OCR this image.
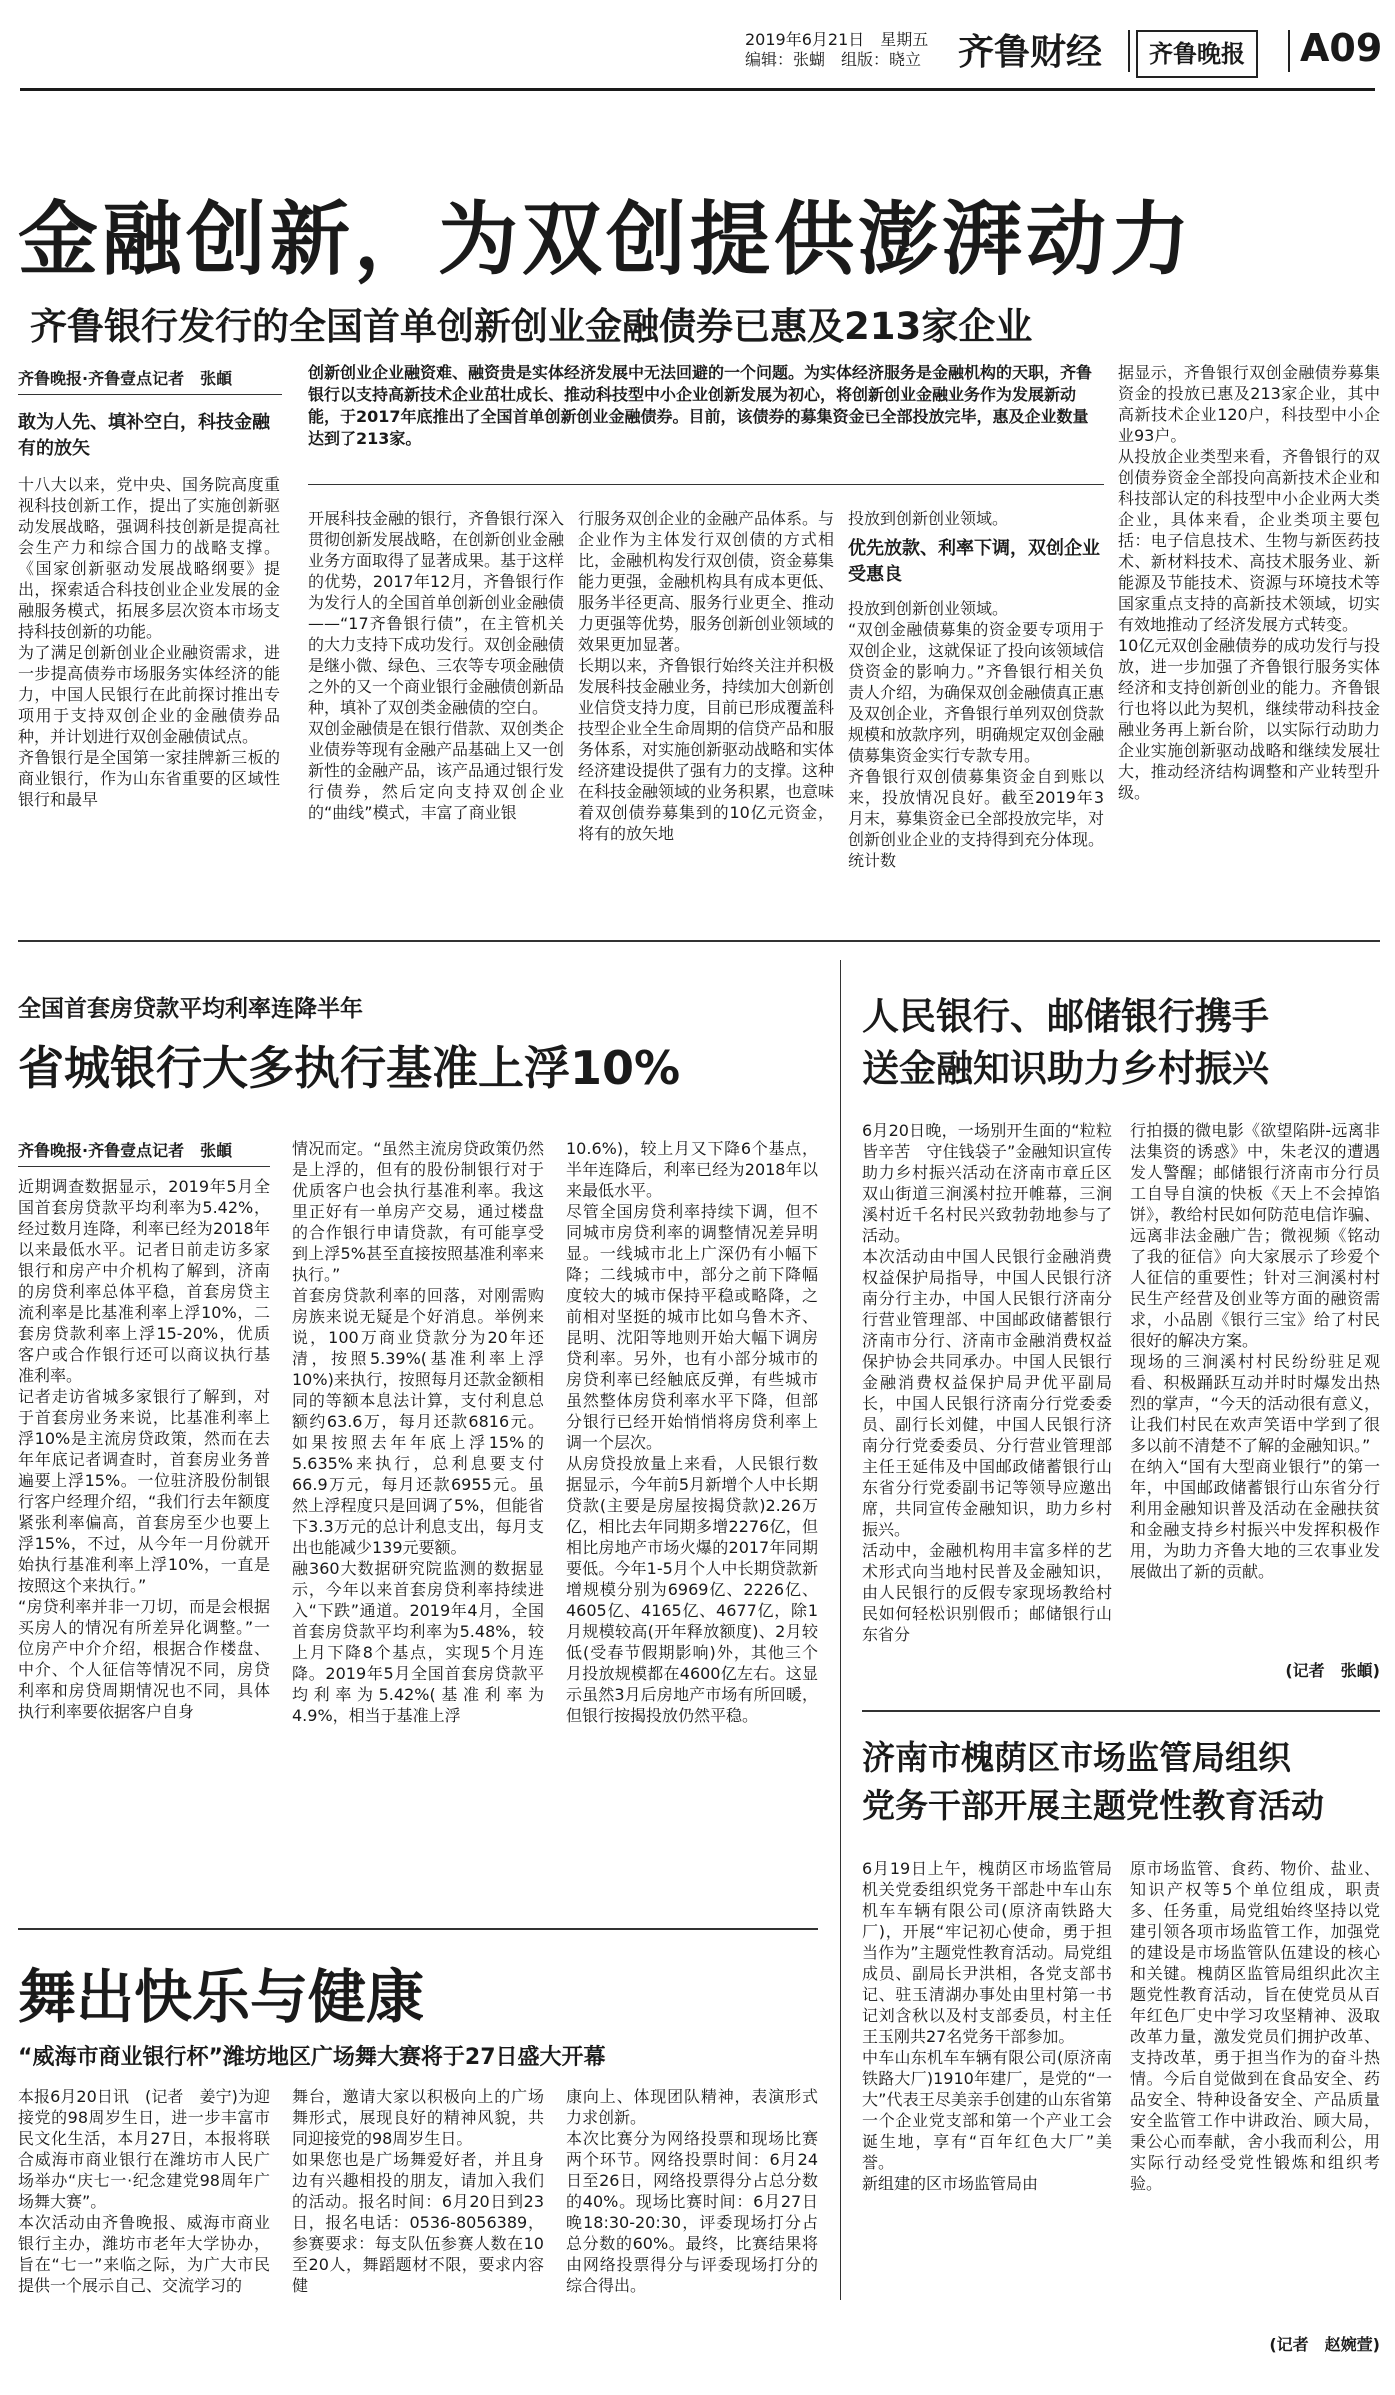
2019年6月21日　星期五
编辑：张蝴　组版：晓立	齐鲁财经	齐鲁晚报	A09
金融创新，为双创提供澎湃动力
齐鲁银行发行的全国首单创新创业金融债券已惠及213家企业
齐鲁晚报·齐鲁壹点记者　张頔
敢为人先、填补空白，科技金融有的放矢
十八大以来，党中央、国务院高度重视科技创新工作，提出了实施创新驱动发展战略，强调科技创新是提高社会生产力和综合国力的战略支撑。《国家创新驱动发展战略纲要》提出，探索适合科技创业企业发展的金融服务模式，拓展多层次资本市场支持科技创新的功能。
为了满足创新创业企业融资需求，进一步提高债券市场服务实体经济的能力，中国人民银行在此前探讨推出专项用于支持双创企业的金融债券品种，并计划进行双创金融债试点。
齐鲁银行是全国第一家挂牌新三板的商业银行，作为山东省重要的区域性银行和最早
创新创业企业融资难、融资贵是实体经济发展中无法回避的一个问题。为实体经济服务是金融机构的天职，齐鲁银行以支持高新技术企业茁壮成长、推动科技型中小企业创新发展为初心，将创新创业金融业务作为发展新动能，于2017年底推出了全国首单创新创业金融债券。目前，该债券的募集资金已全部投放完毕，惠及企业数量达到了213家。
开展科技金融的银行，齐鲁银行深入贯彻创新发展战略，在创新创业金融业务方面取得了显著成果。基于这样的优势，2017年12月，齐鲁银行作为发行人的全国首单创新创业金融债——“17齐鲁银行债”，在主管机关的大力支持下成功发行。双创金融债是继小微、绿色、三农等专项金融债之外的又一个商业银行金融债创新品种，填补了双创类金融债的空白。
双创金融债是在银行借款、双创类企业债券等现有金融产品基础上又一创新性的金融产品，该产品通过银行发行债券，然后定向支持双创企业的“曲线”模式，丰富了商业银
行服务双创企业的金融产品体系。与企业作为主体发行双创债的方式相比，金融机构发行双创债，资金募集能力更强，金融机构具有成本更低、服务半径更高、服务行业更全、推动力更强等优势，服务创新创业领域的效果更加显著。
长期以来，齐鲁银行始终关注并积极发展科技金融业务，持续加大创新创业信贷支持力度，目前已形成覆盖科技型企业全生命周期的信贷产品和服务体系，对实施创新驱动战略和实体经济建设提供了强有力的支撑。这种在科技金融领域的业务积累，也意味着双创债券募集到的10亿元资金，将有的放矢地
投放到创新创业领域。

优先放款、利率下调，双创企业受惠良
投放到创新创业领域。
“双创金融债募集的资金要专项用于双创企业，这就保证了投向该领域信贷资金的影响力。”齐鲁银行相关负责人介绍，为确保双创金融债真正惠及双创企业，齐鲁银行单列双创贷款规模和放款序列，明确规定双创金融债募集资金实行专款专用。
齐鲁银行双创债募集资金自到账以来，投放情况良好。截至2019年3月末，募集资金已全部投放完毕，对创新创业企业的支持得到充分体现。统计数
据显示，齐鲁银行双创金融债券募集资金的投放已惠及213家企业，其中高新技术企业120户，科技型中小企业93户。
从投放企业类型来看，齐鲁银行的双创债券资金全部投向高新技术企业和科技部认定的科技型中小企业两大类企业，具体来看，企业类项主要包括：电子信息技术、生物与新医药技术、新材料技术、高技术服务业、新能源及节能技术、资源与环境技术等国家重点支持的高新技术领域，切实有效地推动了经济发展方式转变。
10亿元双创金融债券的成功发行与投放，进一步加强了齐鲁银行服务实体经济和支持创新创业的能力。齐鲁银行也将以此为契机，继续带动科技金融业务再上新台阶，以实际行动助力企业实施创新驱动战略和继续发展壮大，推动经济结构调整和产业转型升级。
全国首套房贷款平均利率连降半年
省城银行大多执行基准上浮10%
齐鲁晚报·齐鲁壹点记者　张頔
近期调查数据显示，2019年5月全国首套房贷款平均利率为5.42%，经过数月连降，利率已经为2018年以来最低水平。记者日前走访多家银行和房产中介机构了解到，济南的房贷利率总体平稳，首套房贷主流利率是比基准利率上浮10%，二套房贷款利率上浮15-20%，优质客户或合作银行还可以商议执行基准利率。
记者走访省城多家银行了解到，对于首套房业务来说，比基准利率上浮10%是主流房贷政策，然而在去年年底记者调查时，首套房业务普遍要上浮15%。一位驻济股份制银行客户经理介绍，“我们行去年额度紧张利率偏高，首套房至少也要上浮15%，不过，从今年一月份就开始执行基准利率上浮10%，一直是按照这个来执行。”
“房贷利率并非一刀切，而是会根据买房人的情况有所差异化调整。”一位房产中介介绍，根据合作楼盘、中介、个人征信等情况不同，房贷利率和房贷周期情况也不同，具体执行利率要依据客户自身
情况而定。“虽然主流房贷政策仍然是上浮的，但有的股份制银行对于优质客户也会执行基准利率。我这里正好有一单房产交易，通过楼盘的合作银行申请贷款，有可能享受到上浮5%甚至直接按照基准利率来执行。”
首套房贷款利率的回落，对刚需购房族来说无疑是个好消息。举例来说，100万商业贷款分为20年还清，按照5.39%(基准利率上浮10%)来执行，按照每月还款金额相同的等额本息法计算，支付利息总额约63.6万，每月还款6816元。如果按照去年年底上浮15%的5.635%来执行，总利息要支付66.9万元，每月还款6955元。虽然上浮程度只是回调了5%，但能省下3.3万元的总计利息支出，每月支出也能减少139元要额。
融360大数据研究院监测的数据显示，今年以来首套房贷利率持续进入“下跌”通道。2019年4月，全国首套房贷款平均利率为5.48%，较上月下降8个基点，实现5个月连降。2019年5月全国首套房贷款平均利率为5.42%(基准利率为4.9%，相当于基准上浮
10.6%)，较上月又下降6个基点，半年连降后，利率已经为2018年以来最低水平。
尽管全国房贷利率持续下调，但不同城市房贷利率的调整情况差异明显。一线城市北上广深仍有小幅下降；二线城市中，部分之前下降幅度较大的城市保持平稳或略降，之前相对坚挺的城市比如乌鲁木齐、昆明、沈阳等地则开始大幅下调房贷利率。另外，也有小部分城市的房贷利率已经触底反弹，有些城市虽然整体房贷利率水平下降，但部分银行已经开始悄悄将房贷利率上调一个层次。
从房贷投放量上来看，人民银行数据显示，今年前5月新增个人中长期贷款(主要是房屋按揭贷款)2.26万亿，相比去年同期多增2276亿，但相比房地产市场火爆的2017年同期要低。今年1-5月个人中长期贷款新增规模分别为6969亿、2226亿、4605亿、4165亿、4677亿，除1月规模较高(开年释放额度)、2月较低(受春节假期影响)外，其他三个月投放规模都在4600亿左右。这显示虽然3月后房地产市场有所回暖，但银行按揭投放仍然平稳。
人民银行、邮储银行携手
送金融知识助力乡村振兴
6月20日晚，一场别开生面的“粒粒皆辛苦　守住钱袋子”金融知识宣传助力乡村振兴活动在济南市章丘区双山街道三涧溪村拉开帷幕，三涧溪村近千名村民兴致勃勃地参与了活动。
本次活动由中国人民银行金融消费权益保护局指导，中国人民银行济南分行主办，中国人民银行济南分行营业管理部、中国邮政储蓄银行济南市分行、济南市金融消费权益保护协会共同承办。中国人民银行金融消费权益保护局尹优平副局长，中国人民银行济南分行党委委员、副行长刘健，中国人民银行济南分行党委委员、分行营业管理部主任王延伟及中国邮政储蓄银行山东省分行党委副书记等领导应邀出席，共同宣传金融知识，助力乡村振兴。
活动中，金融机构用丰富多样的艺术形式向当地村民普及金融知识，由人民银行的反假专家现场教给村民如何轻松识别假币；邮储银行山东省分
行拍摄的微电影《欲望陷阱-远离非法集资的诱惑》中，朱老汉的遭遇发人警醒；邮储银行济南市分行员工自导自演的快板《天上不会掉馅饼》，教给村民如何防范电信诈骗、远离非法金融广告；微视频《铭动了我的征信》向大家展示了珍爱个人征信的重要性；针对三涧溪村村民生产经营及创业等方面的融资需求，小品剧《银行三宝》给了村民很好的解决方案。
现场的三涧溪村村民纷纷驻足观看、积极踊跃互动并时时爆发出热烈的掌声，“今天的活动很有意义，让我们村民在欢声笑语中学到了很多以前不清楚不了解的金融知识。”
在纳入“国有大型商业银行”的第一年，中国邮政储蓄银行山东省分行利用金融知识普及活动在金融扶贫和金融支持乡村振兴中发挥积极作用，为助力齐鲁大地的三农事业发展做出了新的贡献。
(记者　张頔)
济南市槐荫区市场监管局组织
党务干部开展主题党性教育活动
6月19日上午，槐荫区市场监管局机关党委组织党务干部赴中车山东机车车辆有限公司(原济南铁路大厂)，开展“牢记初心使命，勇于担当作为”主题党性教育活动。局党组成员、副局长尹洪相，各党支部书记、驻玉清湖办事处由里村第一书记刘含秋以及村支部委员，村主任王玉刚共27名党务干部参加。
中车山东机车车辆有限公司(原济南铁路大厂)1910年建厂，是党的“一大”代表王尽美亲手创建的山东省第一个企业党支部和第一个产业工会诞生地，享有“百年红色大厂”美誉。
新组建的区市场监管局由
原市场监管、食药、物价、盐业、知识产权等5个单位组成，职责多、任务重，局党组始终坚持以党建引领各项市场监管工作，加强党的建设是市场监管队伍建设的核心和关键。槐荫区监管局组织此次主题党性教育活动，旨在使党员从百年红色厂史中学习攻坚精神、汲取改革力量，激发党员们拥护改革、支持改革，勇于担当作为的奋斗热情。今后自觉做到在食品安全、药品安全、特种设备安全、产品质量安全监管工作中讲政治、顾大局，秉公心而奉献，舍小我而利公，用实际行动经受党性锻炼和组织考验。
(记者　赵婉萱)
舞出快乐与健康
“威海市商业银行杯”潍坊地区广场舞大赛将于27日盛大开幕
本报6月20日讯　(记者　姜宁)为迎接党的98周岁生日，进一步丰富市民文化生活，本月27日，本报将联合威海市商业银行在潍坊市人民广场举办“庆七一·纪念建党98周年广场舞大赛”。
本次活动由齐鲁晚报、威海市商业银行主办，潍坊市老年大学协办，旨在“七一”来临之际，为广大市民提供一个展示自己、交流学习的
舞台，邀请大家以积极向上的广场舞形式，展现良好的精神风貌，共同迎接党的98周岁生日。
如果您也是广场舞爱好者，并且身边有兴趣相投的朋友，请加入我们的活动。报名时间：6月20日到23日，报名电话：0536-8056389，参赛要求：每支队伍参赛人数在10至20人，舞蹈题材不限，要求内容健
康向上、体现团队精神，表演形式力求创新。
本次比赛分为网络投票和现场比赛两个环节。网络投票时间：6月24日至26日，网络投票得分占总分数的40%。现场比赛时间：6月27日晚18:30-20:30，评委现场打分占总分数的60%。最终，比赛结果将由网络投票得分与评委现场打分的综合得出。
